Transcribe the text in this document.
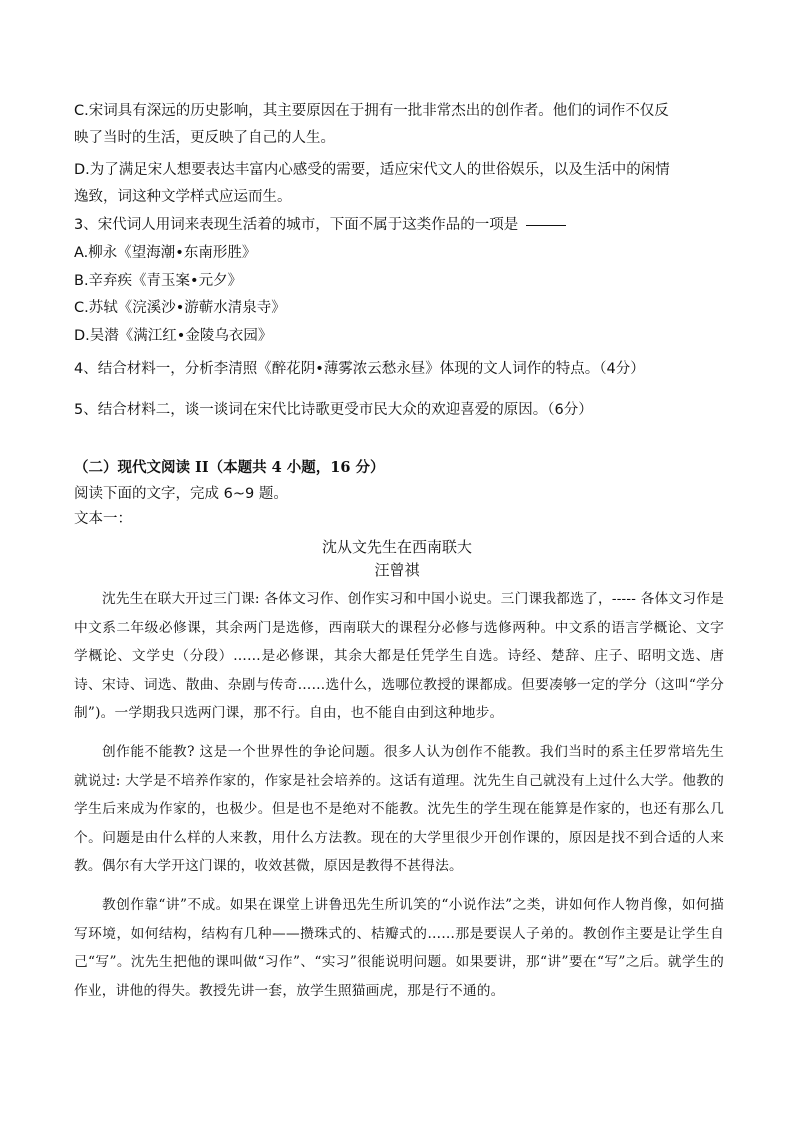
C.宋词具有深远的历史影响，其主要原因在于拥有一批非常杰出的创作者。他们的词作不仅反

映了当时的生活，更反映了自己的人生。

D.为了满足宋人想要表达丰富内心感受的需要，适应宋代文人的世俗娱乐，以及生活中的闲情

逸致，词这种文学样式应运而生。

3、宋代词人用词来表现生活着的城市，下面不属于这类作品的一项是

A.柳永《望海潮•东南形胜》

B.辛弃疾《青玉案•元夕》

C.苏轼《浣溪沙•游蕲水清泉寺》

D.吴潜《满江红•金陵乌衣园》

4、结合材料一，分析李清照《醉花阴•薄雾浓云愁永昼》体现的文人词作的特点。（4分）

5、结合材料二，谈一谈词在宋代比诗歌更受市民大众的欢迎喜爱的原因。（6分）

（二）现代文阅读 II（本题共 4 小题，16 分）

阅读下面的文字，完成 6~9 题。

文本一：

沈从文先生在西南联大

汪曾祺

沈先生在联大开过三门课: 各体文习作、创作实习和中国小说史。三门课我都选了，----- 各体文习作是中文系二年级必修课，其余两门是选修，西南联大的课程分必修与选修两种。中文系的语言学概论、文字学概论、文学史（分段）……是必修课，其余大都是任凭学生自选。诗经、楚辞、庄子、昭明文选、唐诗、宋诗、词选、散曲、杂剧与传奇……选什么，选哪位教授的课都成。但要凑够一定的学分（这叫“学分制”)。一学期我只选两门课，那不行。自由，也不能自由到这种地步。

创作能不能教? 这是一个世界性的争论问题。很多人认为创作不能教。我们当时的系主任罗常培先生就说过: 大学是不培养作家的，作家是社会培养的。这话有道理。沈先生自己就没有上过什么大学。他教的学生后来成为作家的，也极少。但是也不是绝对不能教。沈先生的学生现在能算是作家的，也还有那么几个。问题是由什么样的人来教，用什么方法教。现在的大学里很少开创作课的，原因是找不到合适的人来教。偶尔有大学开这门课的，收效甚微，原因是教得不甚得法。

教创作靠“讲”不成。如果在课堂上讲鲁迅先生所讥笑的“小说作法”之类，讲如何作人物肖像，如何描写环境，如何结构，结构有几种——攒珠式的、桔瓣式的……那是要误人子弟的。教创作主要是让学生自己“写”。沈先生把他的课叫做“习作”、“实习”很能说明问题。如果要讲，那“讲”要在“写”之后。就学生的作业，讲他的得失。教授先讲一套，放学生照猫画虎，那是行不通的。
